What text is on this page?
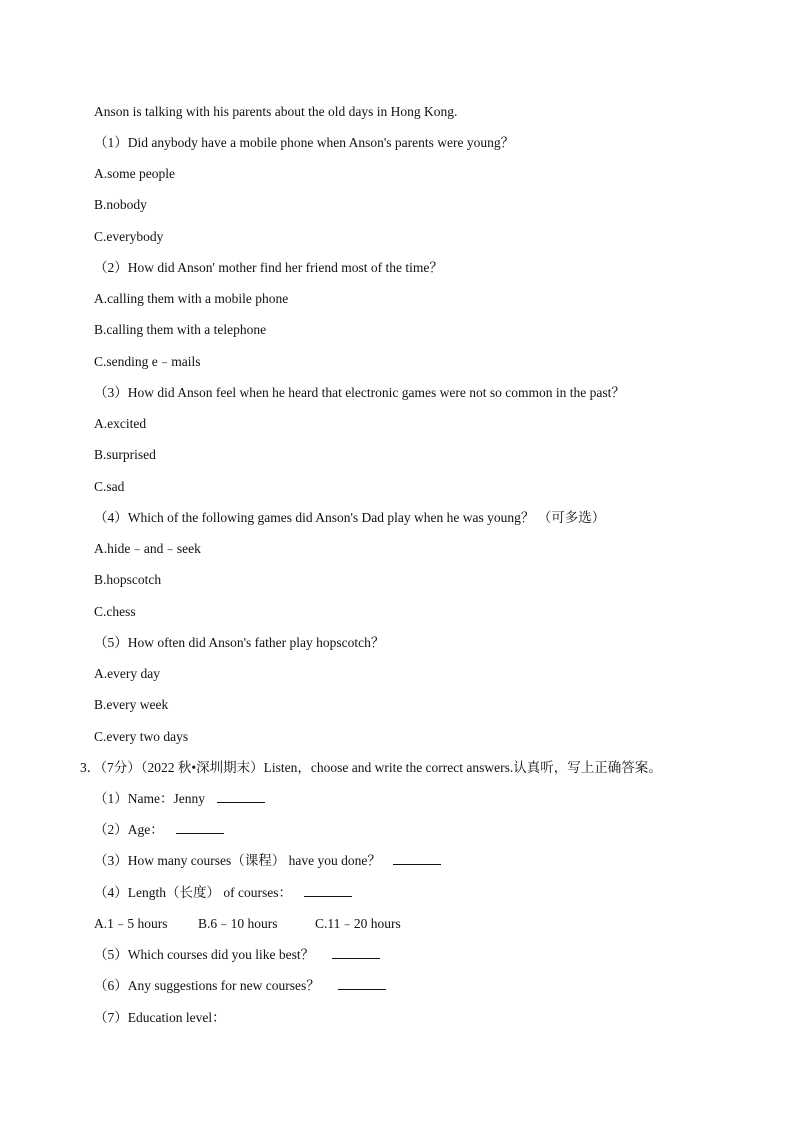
Anson is talking with his parents about the old days in Hong Kong.
（1）Did anybody have a mobile phone when Anson's parents were young？
A.some people
B.nobody
C.everybody
（2）How did Anson' mother find her friend most of the time？
A.calling them with a mobile phone
B.calling them with a telephone
C.sending e﹣mails
（3）How did Anson feel when he heard that electronic games were not so common in the past？
A.excited
B.surprised
C.sad
（4）Which of the following games did Anson's Dad play when he was young？ （可多选）
A.hide﹣and﹣seek
B.hopscotch
C.chess
（5）How often did Anson's father play hopscotch？
A.every day
B.every week
C.every two days
3．（7分）（2022 秋•深圳期末）Listen，choose and write the correct answers.认真听，写上正确答案。
（1）Name：Jenny
（2）Age：
（3）How many courses（课程） have you done？
（4）Length（长度） of courses：
A.1﹣5 hours B.6﹣10 hours	C.11﹣20 hours
（5）Which courses did you like best？
（6）Any suggestions for new courses？
（7）Education level：
